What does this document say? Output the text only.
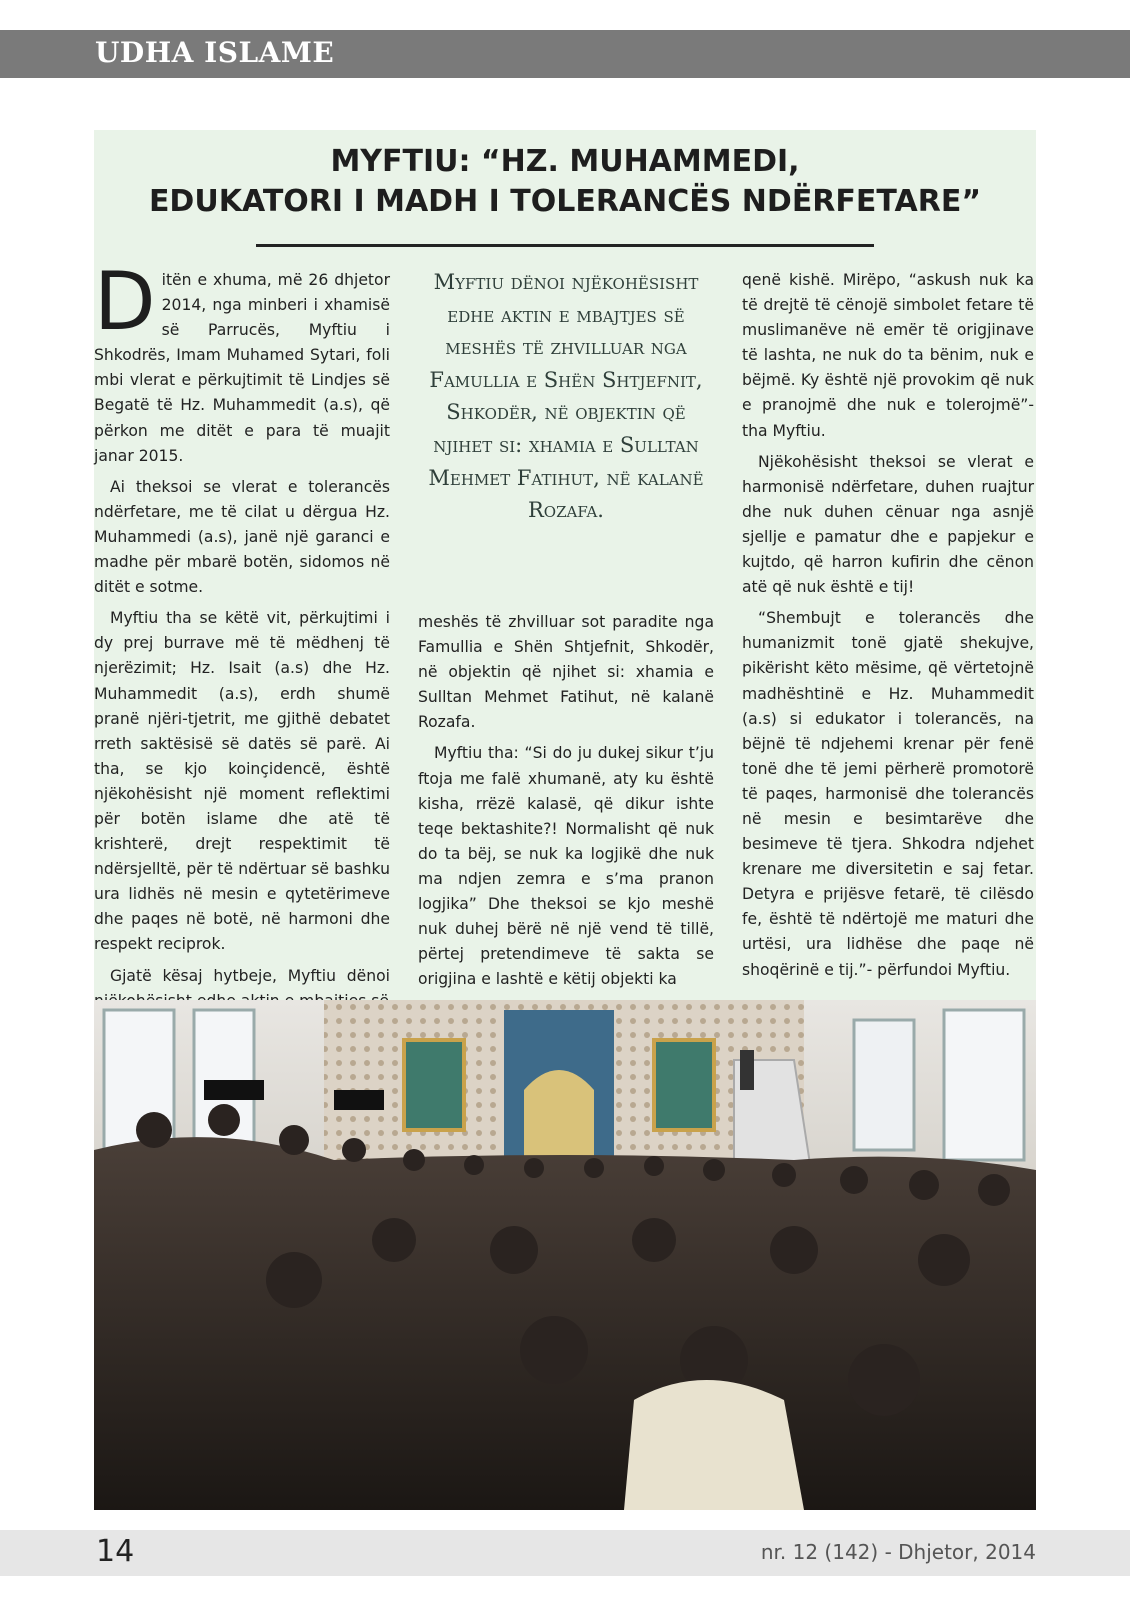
UDHA ISLAME
MYFTIU: “HZ. MUHAMMEDI,
EDUKATORI I MADH I TOLERANCËS NDËRFETARE”

Ditën e xhuma, më 26 dhjetor 2014, nga minberi i xhamisë së Parrucës, Myftiu i Shkodrës, Imam Muhamed Sytari, foli mbi vlerat e përkujtimit të Lindjes së Begatë të Hz. Muhammedit (a.s), që përkon me ditët e para të muajit janar 2015.

Ai theksoi se vlerat e tolerancës ndërfetare, me të cilat u dërgua Hz. Muhammedi (a.s), janë një garanci e madhe për mbarë botën, sidomos në ditët e sotme.

Myftiu tha se këtë vit, përkujtimi i dy prej burrave më të mëdhenj të njerëzimit; Hz. Isait (a.s) dhe Hz. Muhammedit (a.s), erdh shumë pranë njëri-tjetrit, me gjithë debatet rreth saktësisë së datës së parë. Ai tha, se kjo koinçidencë, është njëkohësisht një moment reflektimi për botën islame dhe atë të krishterë, drejt respektimit të ndërsjelltë, për të ndërtuar së bashku ura lidhës në mesin e qytetërimeve dhe paqes në botë, në harmoni dhe respekt reciprok.

Gjatë kësaj hytbeje, Myftiu dënoi

Myftiu dënoi njëkohësisht edhe aktin e mbajtjes së meshës të zhvilluar nga Famullia e Shën Shtjefnit, Shkodër, në objektin që njihet si: xhamia e Sulltan Mehmet Fatihut, në kalanë Rozafa.

meshës të zhvilluar sot paradite nga Famullia e Shën Shtjefnit, Shkodër, në objektin që njihet si: xhamia e Sulltan Mehmet Fatihut, në kalanë Rozafa.

Myftiu tha: “Si do ju dukej sikur t’ju ftoja me falë xhumanë, aty ku është kisha, rrëzë kalasë, që dikur ishte teqe bektashite?! Normalisht që nuk do ta bëj, se nuk ka logjikë dhe nuk ma ndjen zemra e s’ma pranon logjika” Dhe theksoi se kjo meshë nuk duhej bërë në një vend të tillë, përtej pretendimeve të sakta se origjina e lashtë e këtij objekti ka

qenë kishë. Mirëpo, “askush nuk ka të drejtë të cënojë simbolet fetare të muslimanëve në emër të origjinave të lashta, ne nuk do ta bënim, nuk e bëjmë. Ky është një provokim që nuk e pranojmë dhe nuk e tolerojmë”- tha Myftiu.

Njëkohësisht theksoi se vlerat e harmonisë ndërfetare, duhen ruajtur dhe nuk duhen cënuar nga asnjë sjellje e pamatur dhe e papjekur e kujtdo, që harron kufirin dhe cënon atë që nuk është e tij!

“Shembujt e tolerancës dhe humanizmit tonë gjatë shekujve, pikërisht këto mësime, që vërtetojnë madhështinë e Hz. Muhammedit (a.s) si edukator i tolerancës, na bëjnë të ndjehemi krenar për fenë tonë dhe të jemi përherë promotorë të paqes, harmonisë dhe tolerancës në mesin e besimtarëve dhe besimeve të tjera. Shkodra ndjehet krenare me diversitetin e saj fetar. Detyra e prijësve fetarë, të cilësdo fe, është të ndërtojë me maturi dhe urtësi, ura lidhëse dhe paqe në shoqërinë e tij.”- përfundoi Myftiu.

14	nr. 12 (142) - Dhjetor, 2014
